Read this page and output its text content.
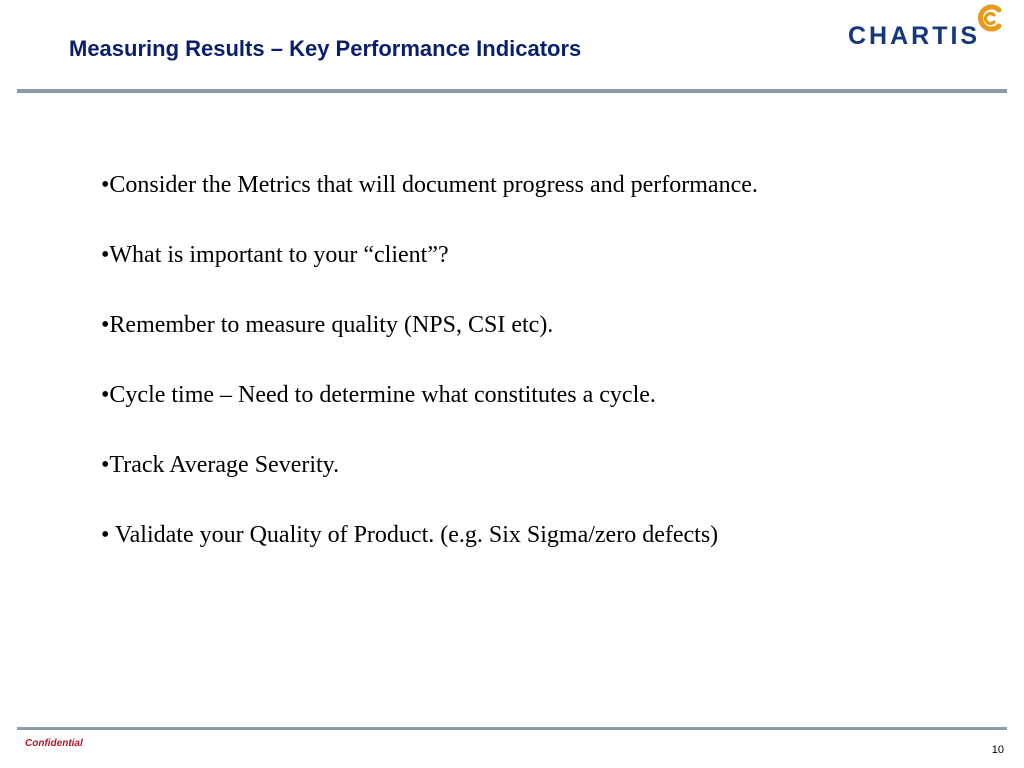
Measuring Results – Key Performance Indicators	CHARTIS
•Consider the Metrics that will document progress and performance.
•What is important to your “client”?
•Remember to measure quality (NPS, CSI etc).
•Cycle time – Need to determine what constitutes a cycle.
•Track Average Severity.
• Validate your Quality of Product. (e.g. Six Sigma/zero defects)
Confidential
10
